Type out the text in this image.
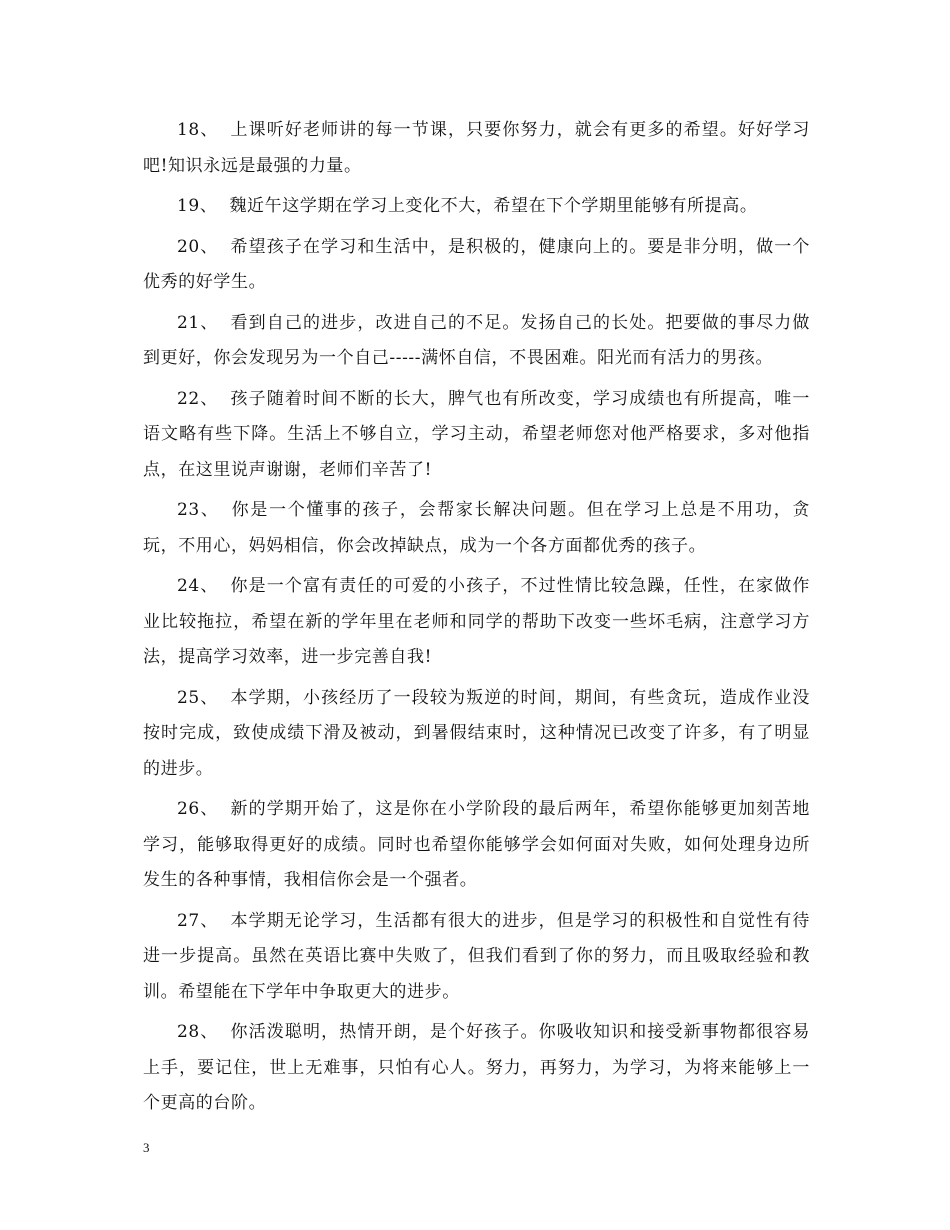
18、 上课听好老师讲的每一节课，只要你努力，就会有更多的希望。好好学习吧!知识永远是最强的力量。

19、 魏近午这学期在学习上变化不大，希望在下个学期里能够有所提高。

20、 希望孩子在学习和生活中，是积极的，健康向上的。要是非分明，做一个优秀的好学生。

21、 看到自己的进步，改进自己的不足。发扬自己的长处。把要做的事尽力做到更好，你会发现另为一个自己-----满怀自信，不畏困难。阳光而有活力的男孩。

22、 孩子随着时间不断的长大，脾气也有所改变，学习成绩也有所提高，唯一语文略有些下降。生活上不够自立，学习主动，希望老师您对他严格要求，多对他指点，在这里说声谢谢，老师们辛苦了!

23、 你是一个懂事的孩子，会帮家长解决问题。但在学习上总是不用功，贪玩，不用心，妈妈相信，你会改掉缺点，成为一个各方面都优秀的孩子。

24、 你是一个富有责任的可爱的小孩子，不过性情比较急躁，任性，在家做作业比较拖拉，希望在新的学年里在老师和同学的帮助下改变一些坏毛病，注意学习方法，提高学习效率，进一步完善自我!

25、 本学期，小孩经历了一段较为叛逆的时间，期间，有些贪玩，造成作业没按时完成，致使成绩下滑及被动，到暑假结束时，这种情况已改变了许多，有了明显的进步。

26、 新的学期开始了，这是你在小学阶段的最后两年，希望你能够更加刻苦地学习，能够取得更好的成绩。同时也希望你能够学会如何面对失败，如何处理身边所发生的各种事情，我相信你会是一个强者。

27、 本学期无论学习，生活都有很大的进步，但是学习的积极性和自觉性有待进一步提高。虽然在英语比赛中失败了，但我们看到了你的努力，而且吸取经验和教训。希望能在下学年中争取更大的进步。

28、 你活泼聪明，热情开朗，是个好孩子。你吸收知识和接受新事物都很容易上手，要记住，世上无难事，只怕有心人。努力，再努力，为学习，为将来能够上一个更高的台阶。

3
